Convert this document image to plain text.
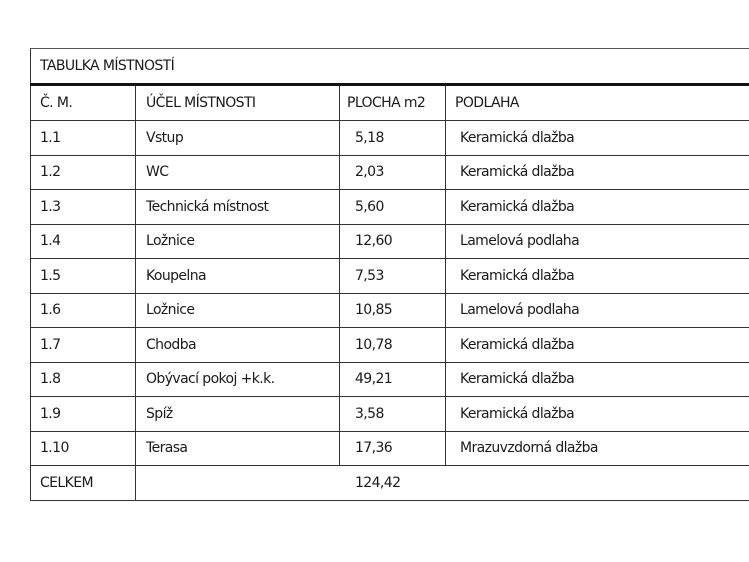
TABULKA MÍSTNOSTÍ
Č. M.	ÚČEL MÍSTNOSTI	PLOCHA m2	PODLAHA
1.1	Vstup	5,18	Keramická dlažba
1.2	WC	2,03	Keramická dlažba
1.3	Technická místnost	5,60	Keramická dlažba
1.4	Ložnice	12,60	Lamelová podlaha
1.5	Koupelna	7,53	Keramická dlažba
1.6	Ložnice	10,85	Lamelová podlaha
1.7	Chodba	10,78	Keramická dlažba
1.8	Obývací pokoj +k.k.	49,21	Keramická dlažba
1.9	Spíž	3,58	Keramická dlažba
1.10	Terasa	17,36	Mrazuvzdorná dlažba
CELKEM	124,42		
